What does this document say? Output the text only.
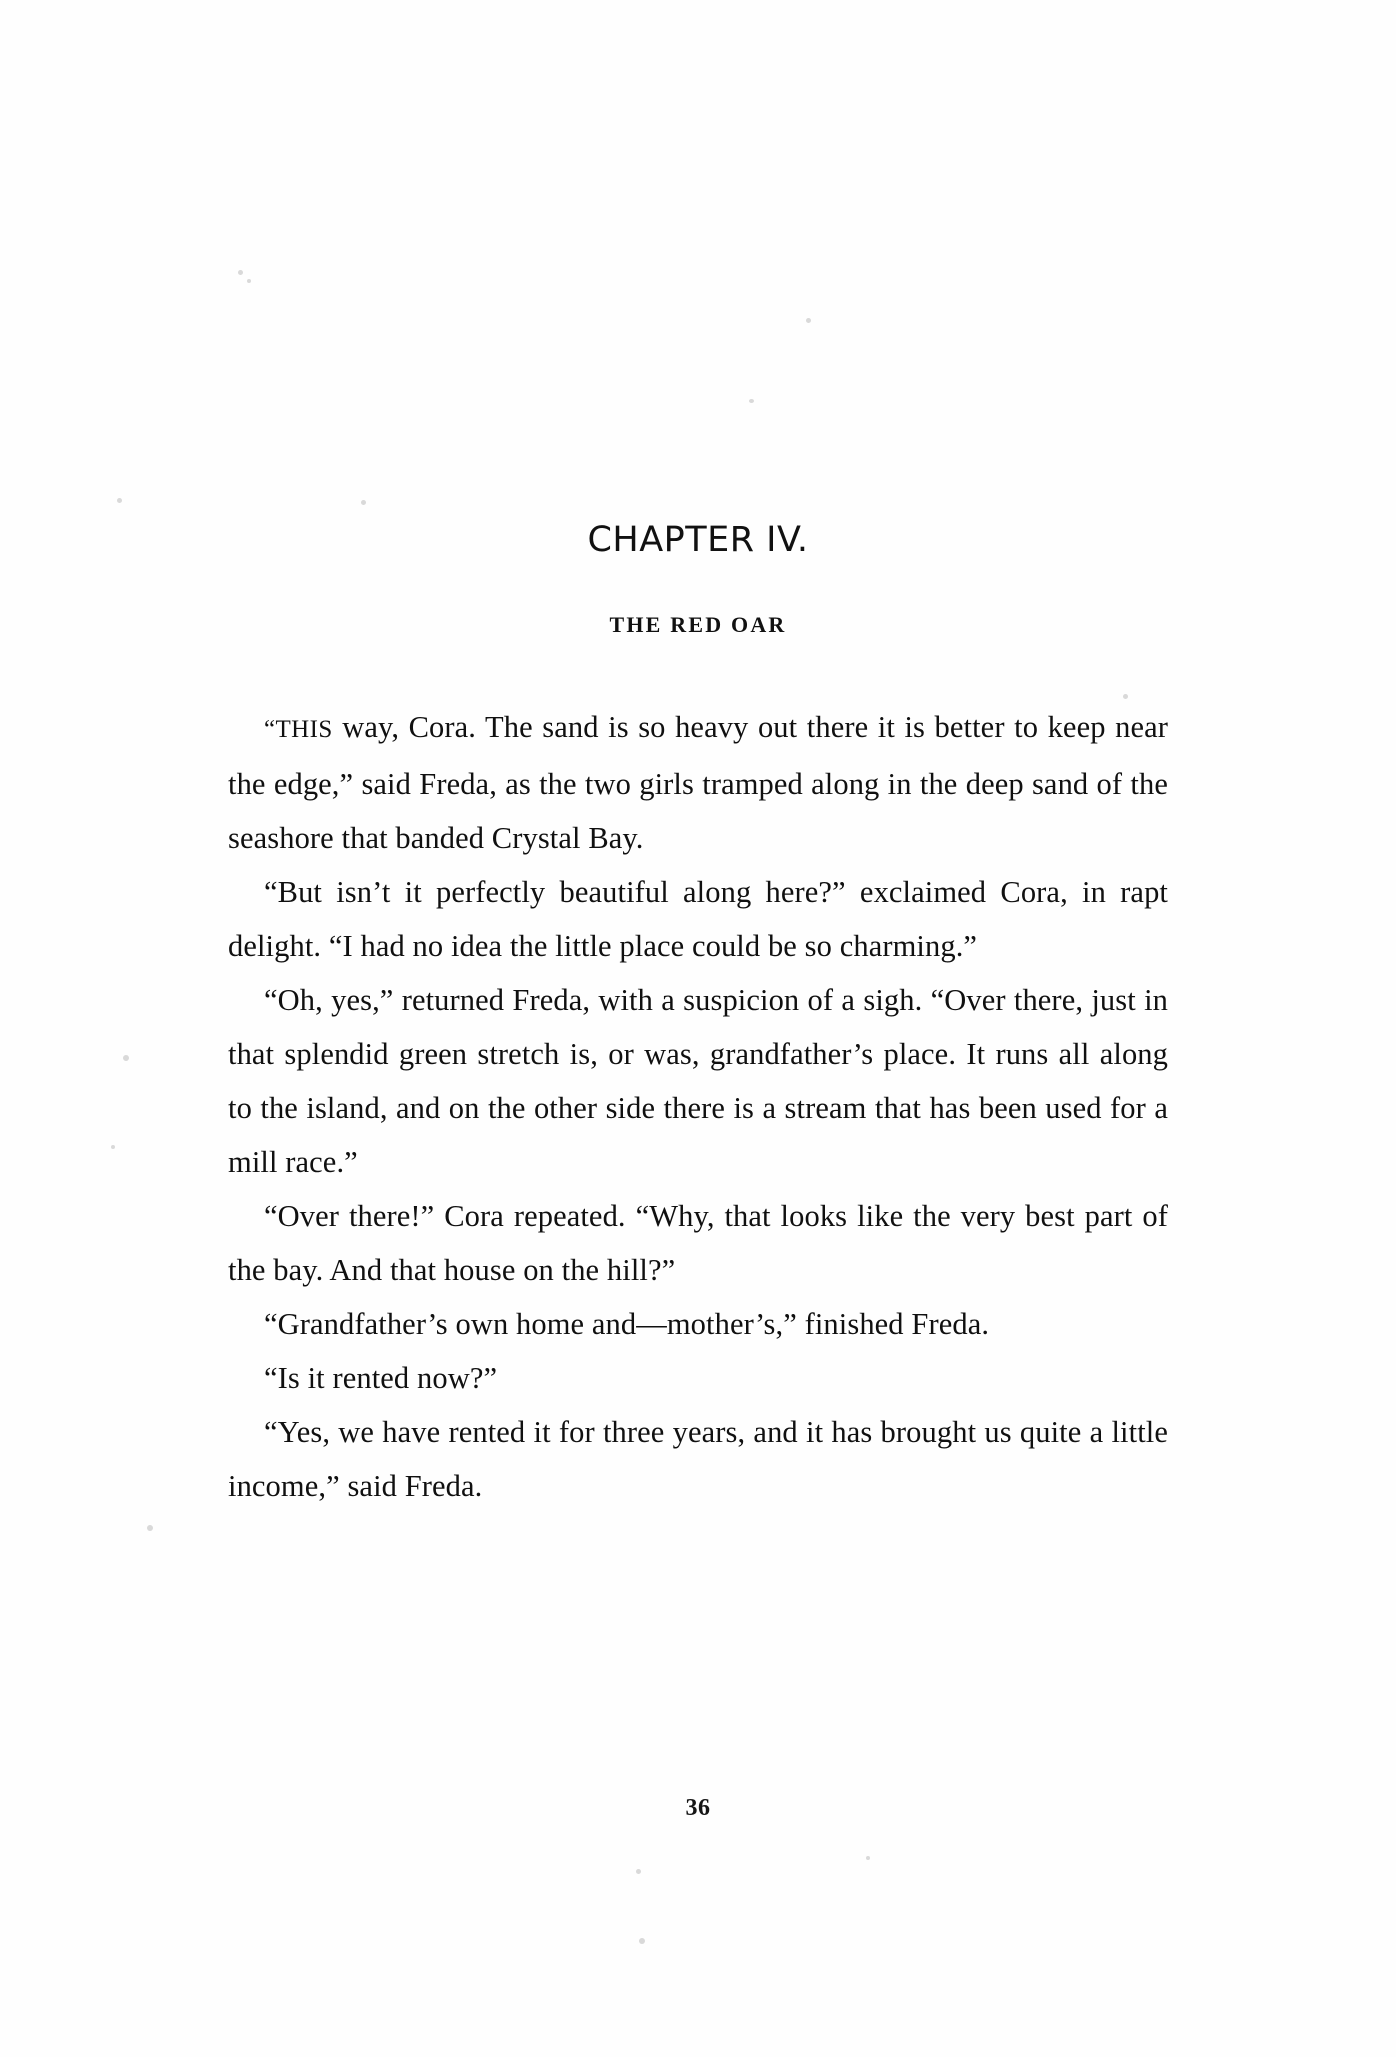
CHAPTER IV.
THE RED OAR

“THIS way, Cora. The sand is so heavy out there it is better to keep near the edge,” said Freda, as the two girls tramped along in the deep sand of the seashore that banded Crystal Bay.

“But isn’t it perfectly beautiful along here?” exclaimed Cora, in rapt delight. “I had no idea the little place could be so charming.”

“Oh, yes,” returned Freda, with a suspicion of a sigh. “Over there, just in that splendid green stretch is, or was, grandfather’s place. It runs all along to the island, and on the other side there is a stream that has been used for a mill race.”

“Over there!” Cora repeated. “Why, that looks like the very best part of the bay. And that house on the hill?”

“Grandfather’s own home and—mother’s,” finished Freda.

“Is it rented now?”

“Yes, we have rented it for three years, and it has brought us quite a little income,” said Freda.

36
